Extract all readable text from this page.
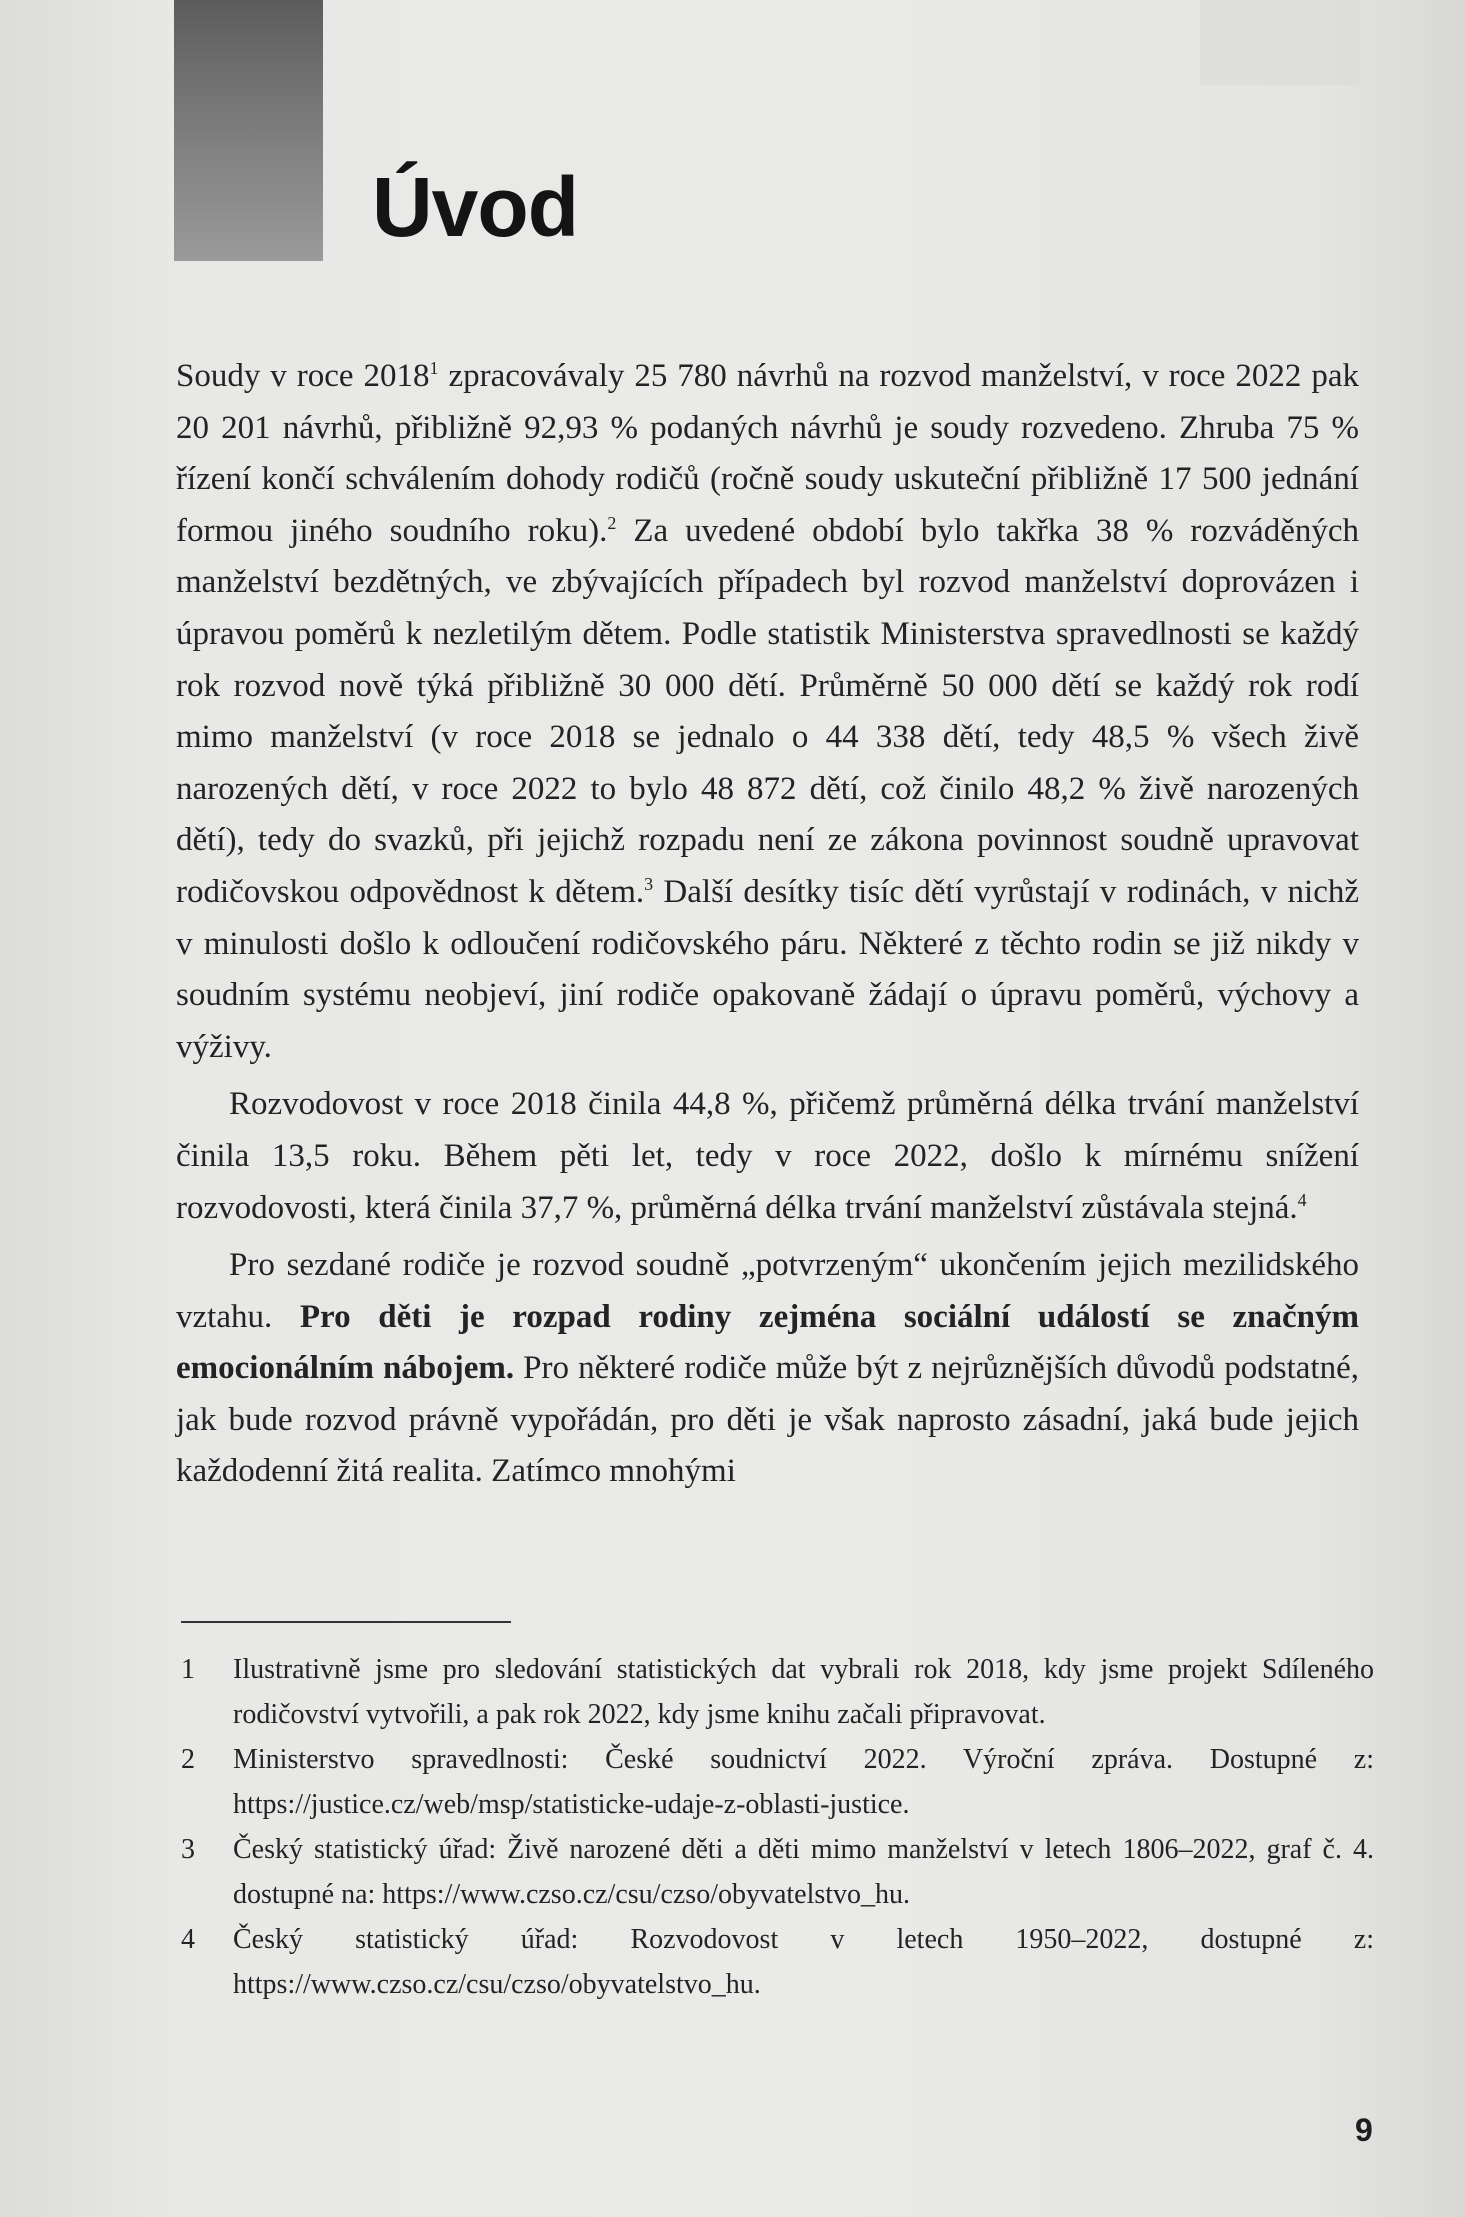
Úvod

Soudy v roce 2018$^1$ zpracovávaly 25 780 návrhů na rozvod manželství, v roce 2022 pak 20 201 návrhů, přibližně 92,93 % podaných návrhů je soudy rozvedeno. Zhruba 75 % řízení končí schválením dohody rodičů (ročně soudy uskuteční přibližně 17 500 jednání formou jiného soudního roku).$^2$ Za uvedené období bylo takřka 38 % rozváděných manželství bezdětných, ve zbývajících případech byl rozvod manželství doprovázen i úpravou poměrů k nezletilým dětem. Podle statistik Ministerstva spravedlnosti se každý rok rozvod nově týká přibližně 30 000 dětí. Průměrně 50 000 dětí se každý rok rodí mimo manželství (v roce 2018 se jednalo o 44 338 dětí, tedy 48,5 % všech živě narozených dětí, v roce 2022 to bylo 48 872 dětí, což činilo 48,2 % živě narozených dětí), tedy do svazků, při jejichž rozpadu není ze zákona povinnost soudně upravovat rodičovskou odpovědnost k dětem.$^3$ Další desítky tisíc dětí vyrůstají v rodinách, v nichž v minulosti došlo k odloučení rodičovského páru. Některé z těchto rodin se již nikdy v soudním systému neobjeví, jiní rodiče opakovaně žádají o úpravu poměrů, výchovy a výživy.

Rozvodovost v roce 2018 činila 44,8 %, přičemž průměrná délka trvání manželství činila 13,5 roku. Během pěti let, tedy v roce 2022, došlo k mírnému snížení rozvodovosti, která činila 37,7 %, průměrná délka trvání manželství zůstávala stejná.$^4$

Pro sezdané rodiče je rozvod soudně „potvrzeným“ ukončením jejich mezilidského vztahu. Pro děti je rozpad rodiny zejména sociální událostí se značným emocionálním nábojem. Pro některé rodiče může být z nejrůznějších důvodů podstatné, jak bude rozvod právně vypořádán, pro děti je však naprosto zásadní, jaká bude jejich každodenní žitá realita. Zatímco mnohými

1 Ilustrativně jsme pro sledování statistických dat vybrali rok 2018, kdy jsme projekt Sdíleného rodičovství vytvořili, a pak rok 2022, kdy jsme knihu začali připravovat.
2 Ministerstvo spravedlnosti: České soudnictví 2022. Výroční zpráva. Dostupné z: https://justice.cz/web/msp/statisticke-udaje-z-oblasti-justice.
3 Český statistický úřad: Živě narozené děti a děti mimo manželství v letech 1806–2022, graf č. 4. dostupné na: https://www.czso.cz/csu/czso/obyvatelstvo_hu.
4 Český statistický úřad: Rozvodovost v letech 1950–2022, dostupné z: https://www.czso.cz/csu/czso/obyvatelstvo_hu.
9
